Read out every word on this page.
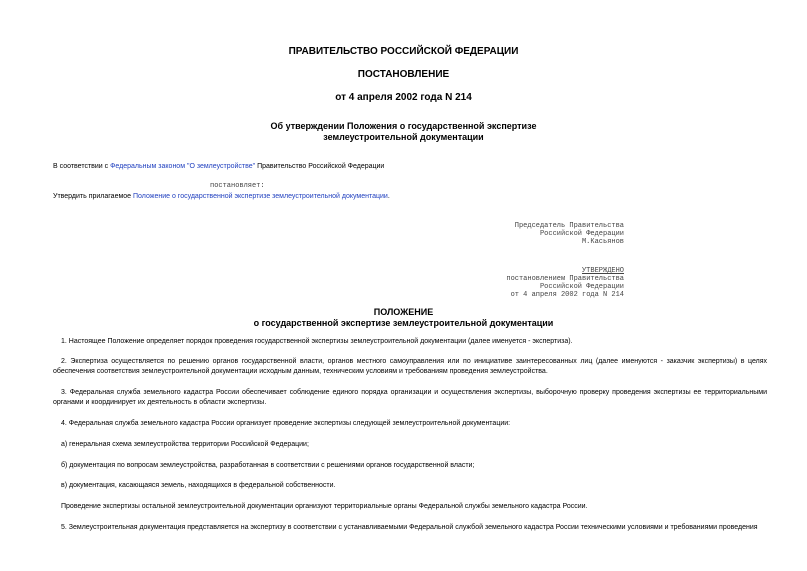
ПРАВИТЕЛЬСТВО РОССИЙСКОЙ ФЕДЕРАЦИИ
ПОСТАНОВЛЕНИЕ
от 4 апреля 2002 года N 214
Об утверждении Положения о государственной экспертизе
землеустроительной документации
В соответствии с Федеральным законом "О землеустройстве" Правительство Российской Федерации
постановляет:
Утвердить прилагаемое Положение о государственной экспертизе землеустроительной документации.
Председатель Правительства
Российской Федерации
М.Касьянов
УТВЕРЖДЕНО
постановлением Правительства
Российской Федерации
от 4 апреля 2002 года N 214
ПОЛОЖЕНИЕ
о государственной экспертизе землеустроительной документации
1. Настоящее Положение определяет порядок проведения государственной экспертизы землеустроительной документации (далее именуется - экспертиза).
2. Экспертиза осуществляется по решению органов государственной власти, органов местного самоуправления или по инициативе заинтересованных лиц (далее именуются - заказчик экспертизы) в целях обеспечения соответствия землеустроительной документации исходным данным, техническим условиям и требованиям проведения землеустройства.
3. Федеральная служба земельного кадастра России обеспечивает соблюдение единого порядка организации и осуществления экспертизы, выборочную проверку проведения экспертизы ее территориальными органами и координирует их деятельность в области экспертизы.
4. Федеральная служба земельного кадастра России организует проведение экспертизы следующей землеустроительной документации:
а) генеральная схема землеустройства территории Российской Федерации;
б) документация по вопросам землеустройства, разработанная в соответствии с решениями органов государственной власти;
в) документация, касающаяся земель, находящихся в федеральной собственности.
Проведение экспертизы остальной землеустроительной документации организуют территориальные органы Федеральной службы земельного кадастра России.
5. Землеустроительная документация представляется на экспертизу в соответствии с устанавливаемыми Федеральной службой земельного кадастра России техническими условиями и требованиями проведения
